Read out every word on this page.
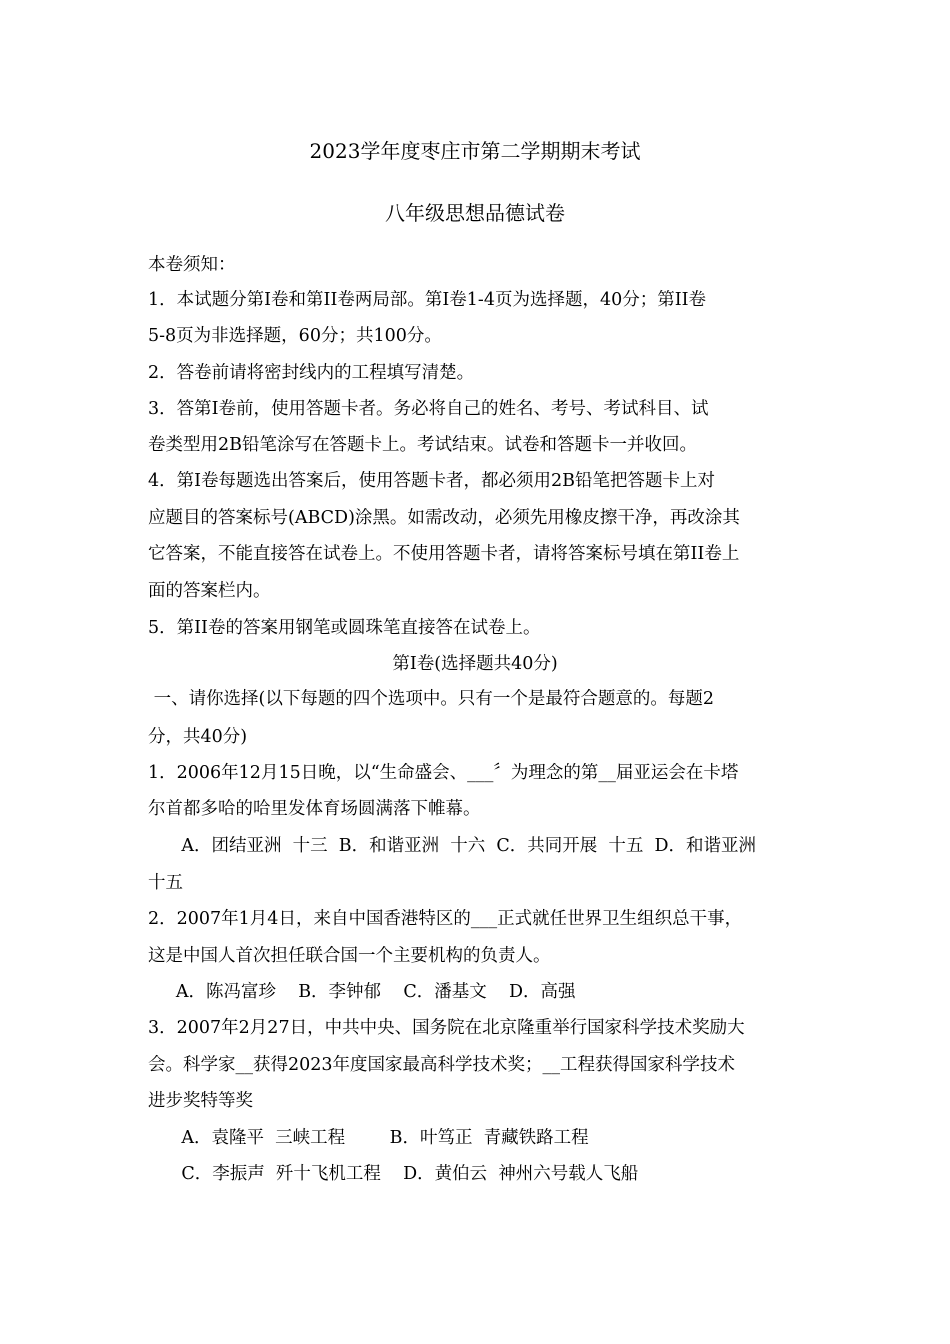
2023学年度枣庄市第二学期期末考试
八年级思想品德试卷
本卷须知：
1．本试题分第I卷和第II卷两局部。第I卷1-4页为选择题，40分；第II卷
5-8页为非选择题，60分；共100分。
2．答卷前请将密封线内的工程填写清楚。
3．答第I卷前，使用答题卡者。务必将自己的姓名、考号、考试科目、试
卷类型用2B铅笔涂写在答题卡上。考试结束。试卷和答题卡一并收回。
4．第I卷每题选出答案后，使用答题卡者，都必须用2B铅笔把答题卡上对
应题目的答案标号(ABCD)涂黑。如需改动，必须先用橡皮擦干净，再改涂其
它答案，不能直接答在试卷上。不使用答题卡者，请将答案标号填在第II卷上
面的答案栏内。
5．第II卷的答案用钢笔或圆珠笔直接答在试卷上。
第I卷(选择题共40分)
一、请你选择(以下每题的四个选项中。只有一个是最符合题意的。每题2
分，共40分)
1．2006年12月15日晚，以“生命盛会、___〞为理念的第__届亚运会在卡塔
尔首都多哈的哈里发体育场圆满落下帷幕。
A．团结亚洲  十三  B．和谐亚洲  十六  C．共同开展  十五  D．和谐亚洲
十五
2．2007年1月4日，来自中国香港特区的___正式就任世界卫生组织总干事，
这是中国人首次担任联合国一个主要机构的负责人。
A．陈冯富珍    B．李钟郁    C．潘基文    D．高强
3．2007年2月27日，中共中央、国务院在北京隆重举行国家科学技术奖励大
会。科学家__获得2023年度国家最高科学技术奖；__工程获得国家科学技术
进步奖特等奖
A．袁隆平  三峡工程        B．叶笃正  青藏铁路工程
C．李振声  歼十飞机工程    D．黄伯云  神州六号载人飞船
